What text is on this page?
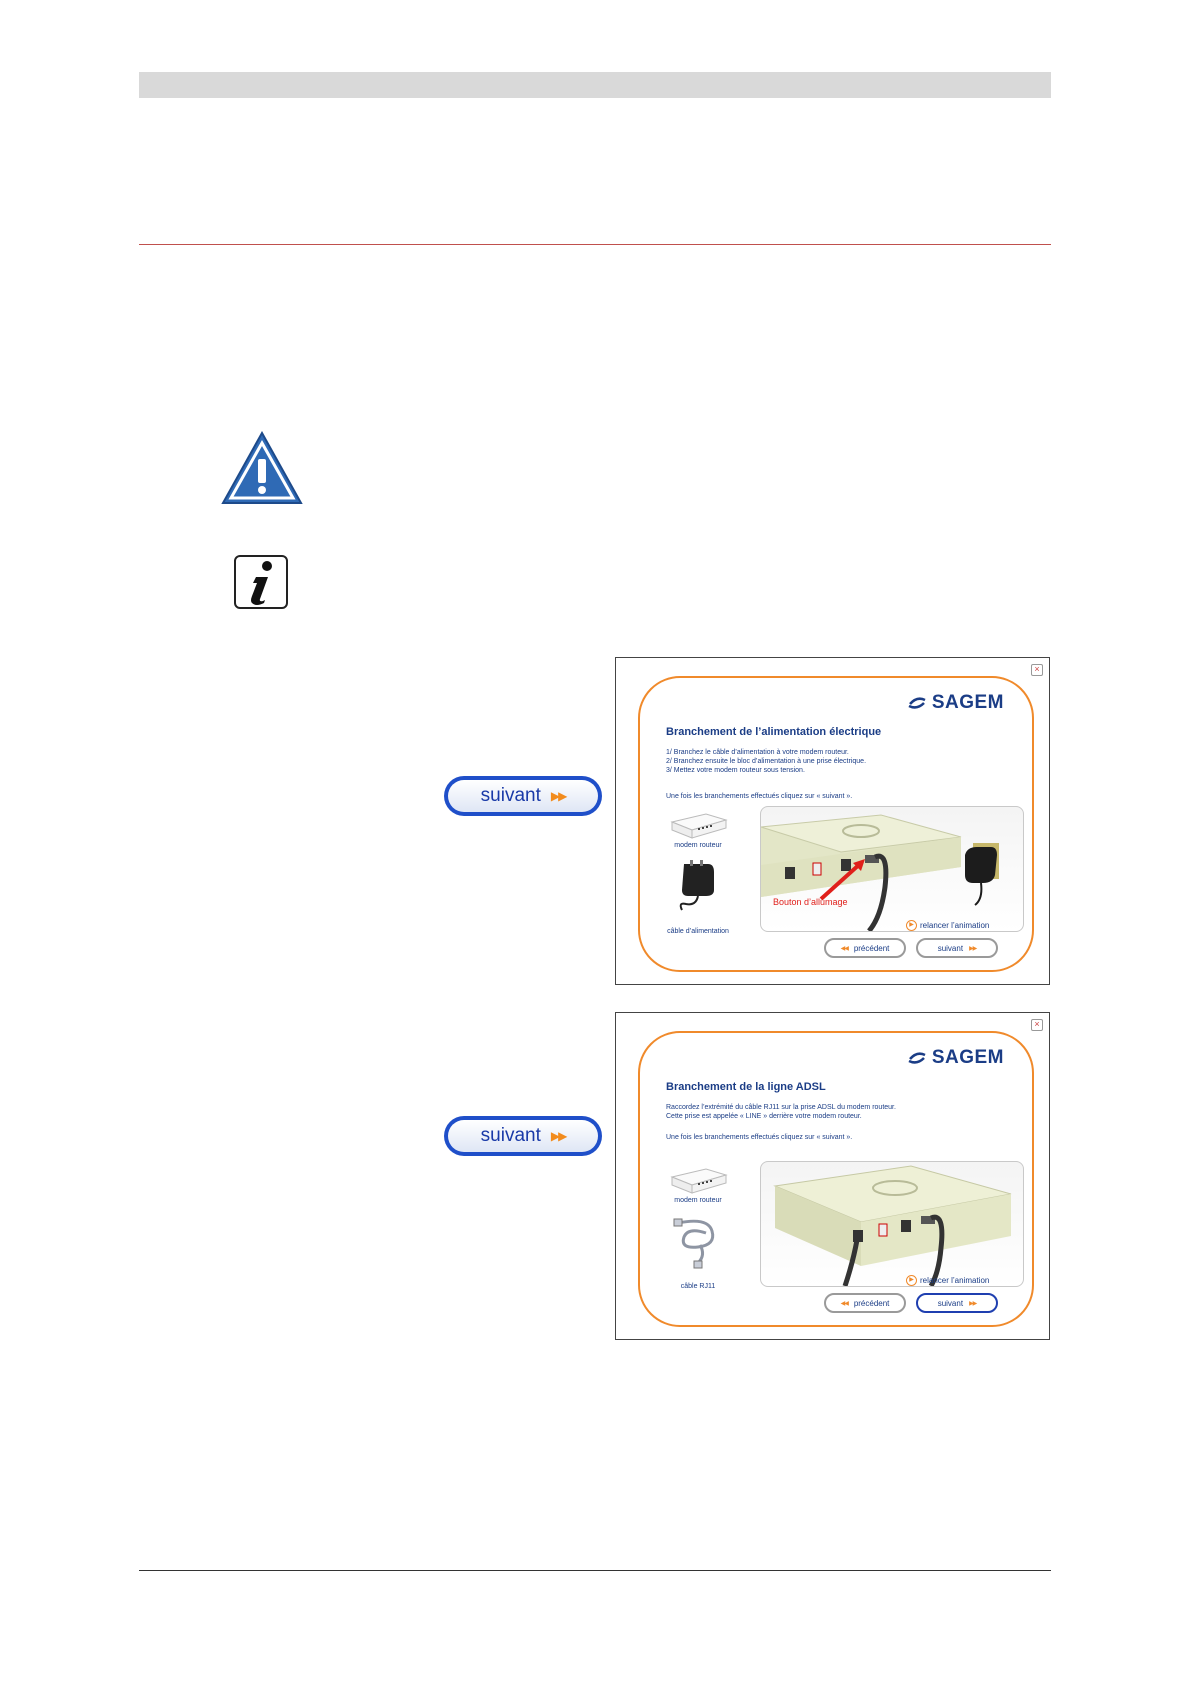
suivant ▶▶
suivant ▶▶
×
SAGEM
Branchement de l’alimentation électrique
1/ Branchez le câble d’alimentation à votre modem routeur.
2/ Branchez ensuite le bloc d’alimentation à une prise électrique.
3/ Mettez votre modem routeur sous tension.
Une fois les branchements effectués cliquez sur « suivant ».
modem routeur
câble d’alimentation
Bouton d’allumage
▶ relancer l’animation
◀◀ précédent	suivant ▶▶
×
SAGEM
Branchement de la ligne ADSL
Raccordez l’extrémité du câble RJ11 sur la prise ADSL du modem routeur.
Cette prise est appelée « LINE » derrière votre modem routeur.
Une fois les branchements effectués cliquez sur « suivant ».
modem routeur
câble RJ11
▶ relancer l’animation
◀◀ précédent	suivant ▶▶
